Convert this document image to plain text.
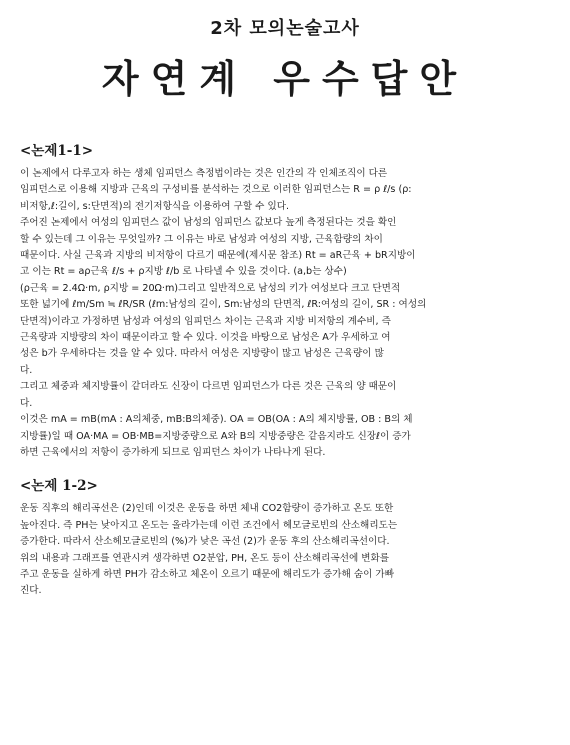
2차 모의논술고사
자연계 우수답안
<논제1-1>

이 논제에서 다루고자 하는 생체 임피던스 측정법이라는 것은 인간의 각 인체조직이 다른

임피던스로 이용해 지방과 근육의 구성비를 분석하는 것으로 이러한 임피던스는 R = ρ ℓ/s (ρ:

비저항,ℓ:길이, s:단면적)의 전기저항식을 이용하여 구할 수 있다.

주어진 논제에서 여성의 임피던스 값이 남성의 임피던스 값보다 높게 측정된다는 것을 확인

할 수 있는데 그 이유는 무엇일까? 그 이유는 바로 남성과 여성의 지방, 근육함량의 차이

때문이다. 사실 근육과 지방의 비저항이 다르기 때문에(제시문 참조) Rt = aR근육 + bR지방이

고 이는 Rt = aρ근육 ℓ/s + ρ지방 ℓ/b 로 나타낼 수 있을 것이다. (a,b는 상수)

(ρ근육 = 2.4Ω·m, ρ지방 = 20Ω·m)그리고 일반적으로 남성의 키가 여성보다 크고 단면적

또한 넓기에 ℓm/Sm ≒ ℓR/SR (ℓm:남성의 길이, Sm:남성의 단면적, ℓR:여성의 길이, SR : 여성의

단면적)이라고 가정하면 남성과 여성의 임피던스 차이는 근육과 지방 비저항의 계수비, 즉

근육량과 지방량의 차이 때문이라고 할 수 있다. 이것을 바탕으로 남성은 A가 우세하고 여

성은 b가 우세하다는 것을 알 수 있다. 따라서 여성은 지방량이 많고 남성은 근육량이 많

다.

그리고 체중과 체지방률이 같더라도 신장이 다르면 임피던스가 다른 것은 근육의 양 때문이

다.

이것은 mA = mB(mA : A의체중, mB:B의체중). OA = OB(OA : A의 체지방률, OB : B의 체

지방률)일 때 OA·MA = OB·MB=지방중량으로 A와 B의 지방중량은 같음지라도 신장ℓ이 증가

하면 근육에서의 저항이 증가하게 되므로 임피던스 차이가 나타나게 된다.

<논제 1-2>

운동 직후의 해리곡선은 (2)인데 이것은 운동을 하면 체내 CO2함량이 증가하고 온도 또한

높아진다. 즉 PH는 낮아지고 온도는 올라가는데 이런 조건에서 헤모글로빈의 산소해리도는

증가한다. 따라서 산소헤모글로빈의 (%)가 낮은 곡선 (2)가 운동 후의 산소해리곡선이다.

위의 내용과 그래프를 연관시켜 생각하면 O2분압, PH, 온도 등이 산소해리곡선에 변화를

주고 운동을 실하게 하면 PH가 감소하고 체온이 오르기 때문에 해리도가 증가해 숨이 가빠

진다.
